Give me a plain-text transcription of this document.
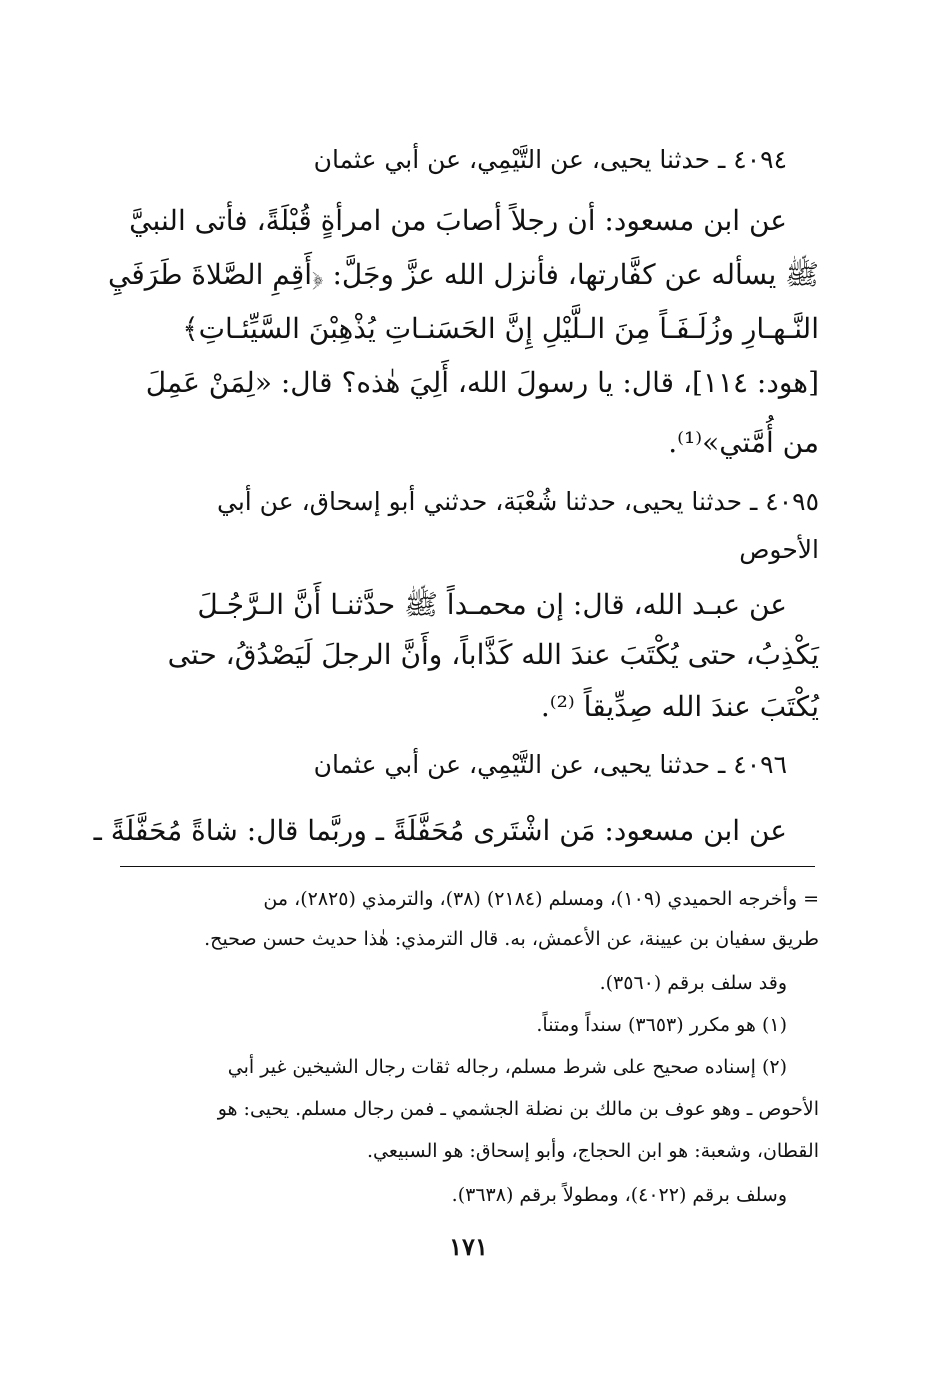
٤٠٩٤ ـ حدثنا يحيى، عن التَّيْمِي، عن أبي عثمان
عن ابن مسعود: أن رجلاً أصابَ من امرأةٍ قُبْلَةً، فأتى النبيَّ
ﷺ يسأله عن كفَّارتها، فأنزل الله عزَّ وجَلَّ: ﴿أَقِمِ الصَّلاةَ طَرَفَيِ
النَّـهـارِ وزُلَـفَـاً مِنَ الـلَّيْلِ إِنَّ الحَسَنـاتِ يُذْهِبْنَ السَّيِّئـاتِ﴾
[هود: ١١٤]، قال: يا رسولَ الله، أَلِيَ هٰذه؟ قال: «لِمَنْ عَمِلَ
من أُمَّتي»⁽¹⁾.
٤٠٩٥ ـ حدثنا يحيى، حدثنا شُعْبَة، حدثني أبو إسحاق، عن أبي
الأحوص
عن عبـد الله، قال: إن محمـداً ﷺ حدَّثنـا أَنَّ الـرَّجُـلَ
يَكْذِبُ، حتى يُكْتَبَ عندَ الله كَذَّاباً، وأَنَّ الرجلَ لَيَصْدُقُ، حتى
يُكْتَبَ عندَ الله صِدِّيقاً ⁽²⁾.
٤٠٩٦ ـ حدثنا يحيى، عن التَّيْمِي، عن أبي عثمان
عن ابن مسعود: مَن اشْتَرى مُحَفَّلَةً ـ وربَّما قال: شاةً مُحَفَّلَةً ـ
= وأخرجه الحميدي (١٠٩)، ومسلم (٢١٨٤) (٣٨)، والترمذي (٢٨٢٥)، من
طريق سفيان بن عيينة، عن الأعمش، به. قال الترمذي: هٰذا حديث حسن صحيح.
وقد سلف برقم (٣٥٦٠).
(١) هو مكرر (٣٦٥٣) سنداً ومتناً.
(٢) إسناده صحيح على شرط مسلم، رجاله ثقات رجال الشيخين غير أبي
الأحوص ـ وهو عوف بن مالك بن نضلة الجشمي ـ فمن رجال مسلم. يحيى: هو
القطان، وشعبة: هو ابن الحجاج، وأبو إسحاق: هو السبيعي.
وسلف برقم (٤٠٢٢)، ومطولاً برقم (٣٦٣٨).
١٧١
